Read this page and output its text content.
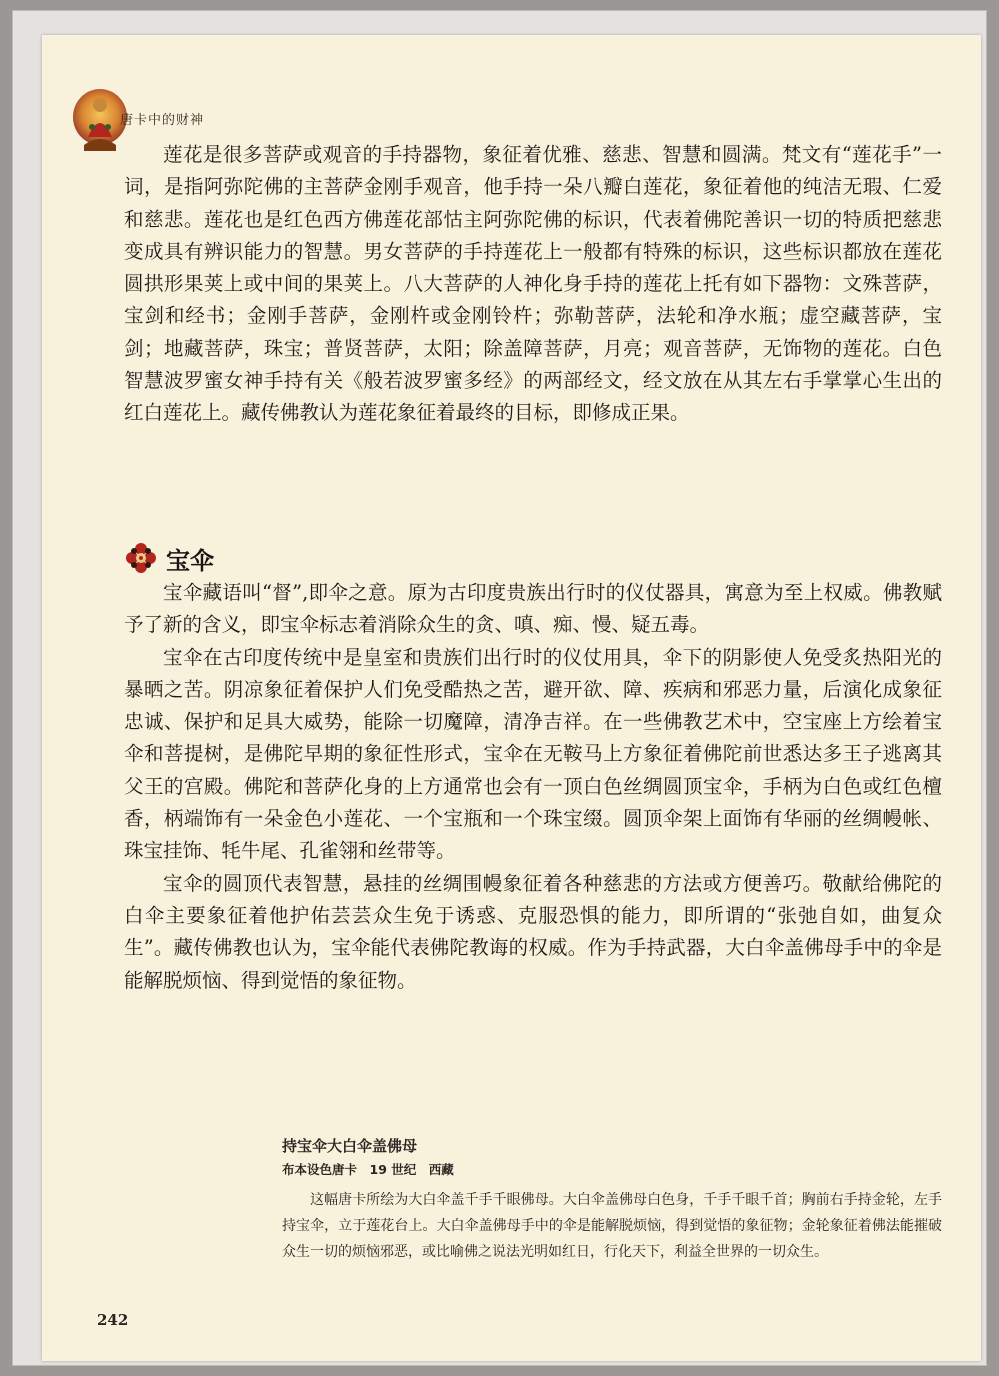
唐卡中的财神

莲花是很多菩萨或观音的手持器物，象征着优雅、慈悲、智慧和圆满。梵文有“莲花手”一词，是指阿弥陀佛的主菩萨金刚手观音，他手持一朵八瓣白莲花，象征着他的纯洁无瑕、仁爱和慈悲。莲花也是红色西方佛莲花部怙主阿弥陀佛的标识，代表着佛陀善识一切的特质把慈悲变成具有辨识能力的智慧。男女菩萨的手持莲花上一般都有特殊的标识，这些标识都放在莲花圆拱形果荚上或中间的果荚上。八大菩萨的人神化身手持的莲花上托有如下器物：文殊菩萨，宝剑和经书；金刚手菩萨，金刚杵或金刚铃杵；弥勒菩萨，法轮和净水瓶；虚空藏菩萨，宝剑；地藏菩萨，珠宝；普贤菩萨，太阳；除盖障菩萨，月亮；观音菩萨，无饰物的莲花。白色智慧波罗蜜女神手持有关《般若波罗蜜多经》的两部经文，经文放在从其左右手掌掌心生出的红白莲花上。藏传佛教认为莲花象征着最终的目标，即修成正果。

宝伞

宝伞藏语叫“督”,即伞之意。原为古印度贵族出行时的仪仗器具，寓意为至上权威。佛教赋予了新的含义，即宝伞标志着消除众生的贪、嗔、痴、慢、疑五毒。

宝伞在古印度传统中是皇室和贵族们出行时的仪仗用具，伞下的阴影使人免受炙热阳光的暴晒之苦。阴凉象征着保护人们免受酷热之苦，避开欲、障、疾病和邪恶力量，后演化成象征忠诚、保护和足具大威势，能除一切魔障，清净吉祥。在一些佛教艺术中，空宝座上方绘着宝伞和菩提树，是佛陀早期的象征性形式，宝伞在无鞍马上方象征着佛陀前世悉达多王子逃离其父王的宫殿。佛陀和菩萨化身的上方通常也会有一顶白色丝绸圆顶宝伞，手柄为白色或红色檀香，柄端饰有一朵金色小莲花、一个宝瓶和一个珠宝缀。圆顶伞架上面饰有华丽的丝绸幔帐、珠宝挂饰、牦牛尾、孔雀翎和丝带等。

宝伞的圆顶代表智慧，悬挂的丝绸围幔象征着各种慈悲的方法或方便善巧。敬献给佛陀的白伞主要象征着他护佑芸芸众生免于诱惑、克服恐惧的能力，即所谓的“张弛自如，曲复众生”。藏传佛教也认为，宝伞能代表佛陀教诲的权威。作为手持武器，大白伞盖佛母手中的伞是能解脱烦恼、得到觉悟的象征物。

持宝伞大白伞盖佛母
布本设色唐卡　19 世纪　西藏
这幅唐卡所绘为大白伞盖千手千眼佛母。大白伞盖佛母白色身，千手千眼千首；胸前右手持金轮，左手持宝伞，立于莲花台上。大白伞盖佛母手中的伞是能解脱烦恼，得到觉悟的象征物；金轮象征着佛法能摧破众生一切的烦恼邪恶，或比喻佛之说法光明如红日，行化天下，利益全世界的一切众生。
242
